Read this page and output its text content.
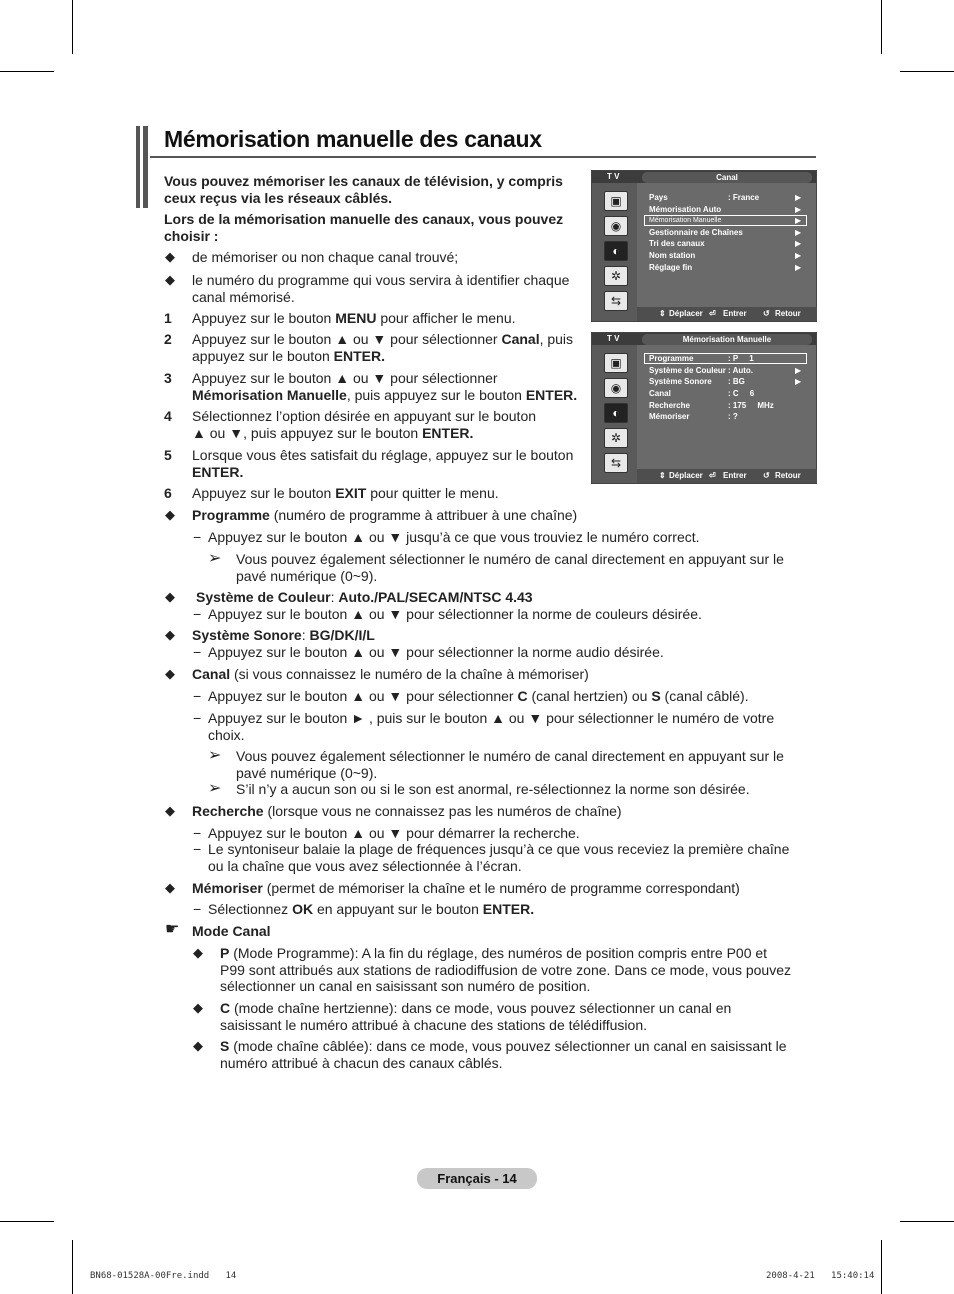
Mémorisation manuelle des canaux
Vous pouvez mémoriser les canaux de télévision, y compris ceux reçus via les réseaux câblés.
Lors de la mémorisation manuelle des canaux, vous pouvez choisir :
◆ de mémoriser ou non chaque canal trouvé;
◆ le numéro du programme qui vous servira à identifier chaque canal mémorisé.
1 Appuyez sur le bouton MENU pour afficher le menu.
2 Appuyez sur le bouton ▲ ou ▼ pour sélectionner Canal, puis appuyez sur le bouton ENTER.
3 Appuyez sur le bouton ▲ ou ▼ pour sélectionner Mémorisation Manuelle, puis appuyez sur le bouton ENTER.
4 Sélectionnez l’option désirée en appuyant sur le bouton ▲ ou ▼, puis appuyez sur le bouton ENTER.
5 Lorsque vous êtes satisfait du réglage, appuyez sur le bouton ENTER.
6 Appuyez sur le bouton EXIT pour quitter le menu.
◆ Programme (numéro de programme à attribuer à une chaîne)
− Appuyez sur le bouton ▲ ou ▼ jusqu’à ce que vous trouviez le numéro correct.
➢ Vous pouvez également sélectionner le numéro de canal directement en appuyant sur le pavé numérique (0~9).
◆ Système de Couleur: Auto./PAL/SECAM/NTSC 4.43
− Appuyez sur le bouton ▲ ou ▼ pour sélectionner la norme de couleurs désirée.
◆ Système Sonore: BG/DK/I/L
− Appuyez sur le bouton ▲ ou ▼ pour sélectionner la norme audio désirée.
◆ Canal (si vous connaissez le numéro de la chaîne à mémoriser)
− Appuyez sur le bouton ▲ ou ▼ pour sélectionner C (canal hertzien) ou S (canal câblé).
− Appuyez sur le bouton ► , puis sur le bouton ▲ ou ▼ pour sélectionner le numéro de votre choix.
➢ Vous pouvez également sélectionner le numéro de canal directement en appuyant sur le pavé numérique (0~9).
➢ S’il n’y a aucun son ou si le son est anormal, re-sélectionnez la norme son désirée.
◆ Recherche (lorsque vous ne connaissez pas les numéros de chaîne)
− Appuyez sur le bouton ▲ ou ▼ pour démarrer la recherche.
− Le syntoniseur balaie la plage de fréquences jusqu’à ce que vous receviez la première chaîne ou la chaîne que vous avez sélectionnée à l’écran.
◆ Mémoriser (permet de mémoriser la chaîne et le numéro de programme correspondant)
− Sélectionnez OK en appuyant sur le bouton ENTER.
☛ Mode Canal
◆ P (Mode Programme): A la fin du réglage, des numéros de position compris entre P00 et P99 sont attribués aux stations de radiodiffusion de votre zone. Dans ce mode, vous pouvez sélectionner un canal en saisissant son numéro de position.
◆ C (mode chaîne hertzienne): dans ce mode, vous pouvez sélectionner un canal en saisissant le numéro attribué à chacune des stations de télédiffusion.
◆ S (mode chaîne câblée): dans ce mode, vous pouvez sélectionner un canal en saisissant le numéro attribué à chacun des canaux câblés.
T V	Canal
▣
◉
◐
✲
⇆
Pays	: France	▶
Mémorisation Auto	▶
Mémorisation Manuelle	▶
Gestionnaire de Chaînes	▶
Tri des canaux	▶
Nom station	▶
Réglage fin	▶
⇕ Déplacer ⏎ Entrer ↺ Retour
T V	Mémorisation Manuelle
▣
◉
◐
✲
⇆
Programme	: P     1
Système de Couleur : Auto.	▶
Système Sonore : BG	▶
Canal	: C     6
Recherche	: 175     MHz
Mémoriser	: ?
⇕ Déplacer ⏎ Entrer ↺ Retour
Français - 14
BN68-01528A-00Fre.indd   14	2008-4-21   15:40:14
